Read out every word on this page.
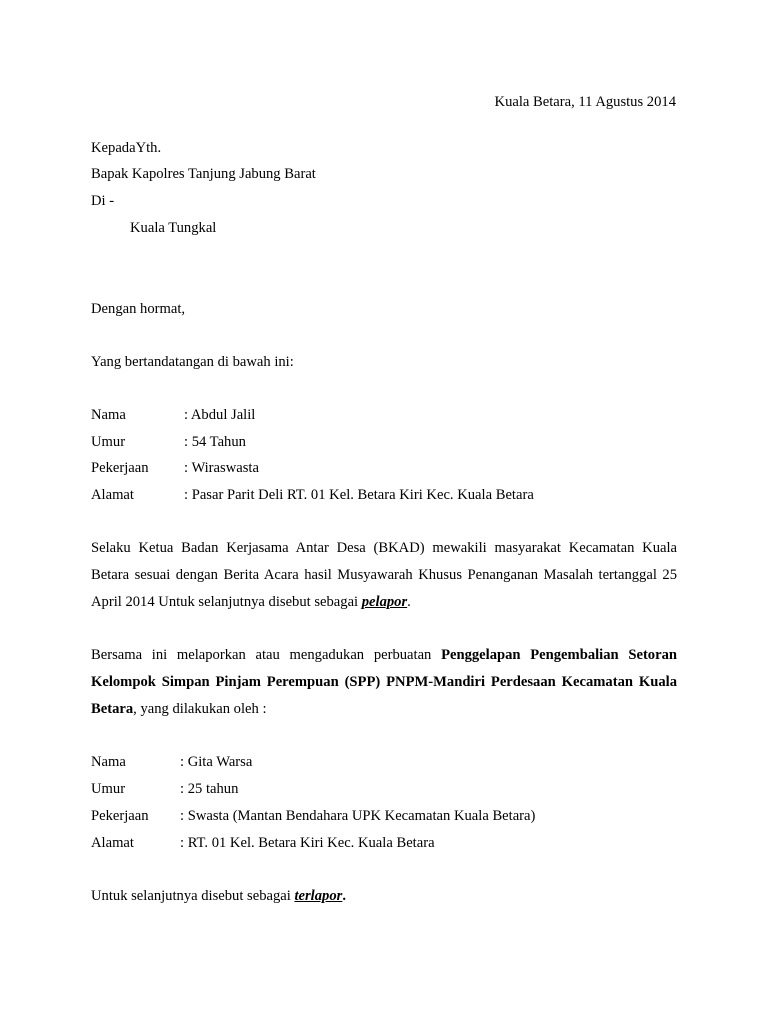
Kuala Betara, 11 Agustus 2014
KepadaYth.
Bapak Kapolres Tanjung Jabung Barat
Di -
Kuala Tungkal
Dengan hormat,
Yang bertandatangan di bawah ini:
Nama	: Abdul Jalil
Umur	: 54 Tahun
Pekerjaan : Wiraswasta
Alamat	: Pasar Parit Deli RT. 01 Kel. Betara Kiri Kec. Kuala Betara
Selaku Ketua Badan Kerjasama Antar Desa (BKAD) mewakili masyarakat Kecamatan Kuala
Betara sesuai dengan Berita Acara hasil Musyawarah Khusus Penanganan Masalah tertanggal 25
April 2014 Untuk selanjutnya disebut sebagai pelapor.
Bersama ini melaporkan atau mengadukan perbuatan Penggelapan Pengembalian Setoran
Kelompok Simpan Pinjam Perempuan (SPP) PNPM-Mandiri Perdesaan Kecamatan Kuala
Betara, yang dilakukan oleh :
Nama	: Gita Warsa
Umur	: 25 tahun
Pekerjaan : Swasta (Mantan Bendahara UPK Kecamatan Kuala Betara)
Alamat	: RT. 01 Kel. Betara Kiri Kec. Kuala Betara
Untuk selanjutnya disebut sebagai terlapor.
